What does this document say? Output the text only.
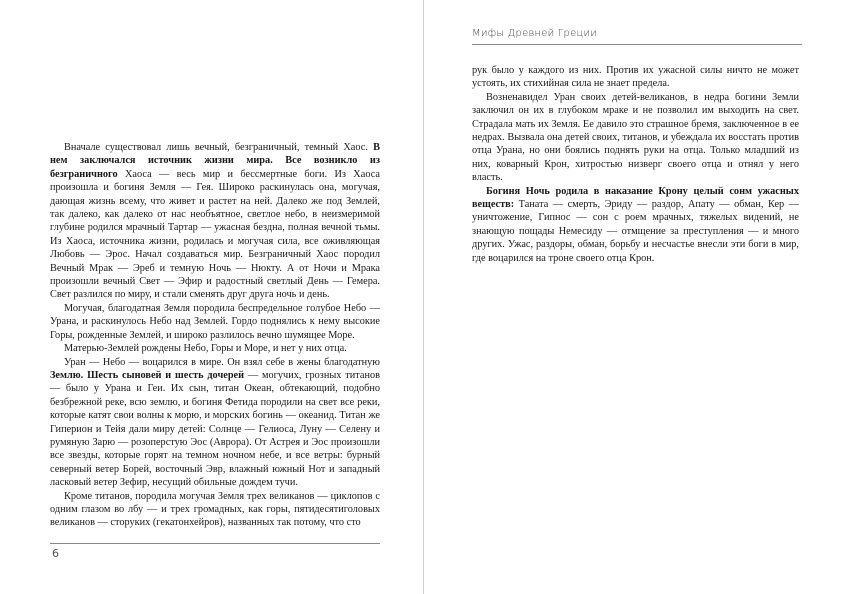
Вначале существовал лишь вечный, безграничный, темный Хаос. В нем заключался источник жизни мира. Все возникло из безграничного Хаоса — весь мир и бессмертные боги. Из Хаоса произошла и богиня Земля — Гея. Широко раскинулась она, могучая, дающая жизнь всему, что живет и растет на ней. Далеко же под Землей, так далеко, как далеко от нас необъятное, светлое небо, в неизмеримой глубине родился мрачный Тартар — ужасная бездна, полная вечной тьмы. Из Хаоса, источника жизни, родилась и могучая сила, все оживляющая Любовь — Эрос. Начал создаваться мир. Безграничный Хаос породил Вечный Мрак — Эреб и темную Ночь — Нюкту. А от Ночи и Мрака произошли вечный Свет — Эфир и радостный светлый День — Гемера. Свет разлился по миру, и стали сменять друг друга ночь и день.

Могучая, благодатная Земля породила беспредельное голубое Небо — Урана, и раскинулось Небо над Землей. Гордо поднялись к нему высокие Горы, рожденные Землей, и широко разлилось вечно шумящее Море.

Матерью-Землей рождены Небо, Горы и Море, и нет у них отца.

Уран — Небо — воцарился в мире. Он взял себе в жены благодатную Землю. Шесть сыновей и шесть дочерей — могучих, грозных титанов — было у Урана и Геи. Их сын, титан Океан, обтекающий, подобно безбрежной реке, всю землю, и богиня Фетида породили на свет все реки, которые катят свои волны к морю, и морских богинь — океанид. Титан же Гиперион и Тейя дали миру детей: Солнце — Гелиоса, Луну — Селену и румяную Зарю — розоперстую Эос (Аврора). От Астрея и Эос произошли все звезды, которые горят на темном ночном небе, и все ветры: бурный северный ветер Борей, восточный Эвр, влажный южный Нот и западный ласковый ветер Зефир, несущий обильные дождем тучи.

Кроме титанов, породила могучая Земля трех великанов — циклопов с одним глазом во лбу — и трех громадных, как горы, пятидесятиголовых великанов — сторуких (гекатонхейров), названных так потому, что сто

6
Мифы Древней Греции

рук было у каждого из них. Против их ужасной силы ничто не может устоять, их стихийная сила не знает предела.

Возненавидел Уран своих детей-великанов, в недра богини Земли заключил он их в глубоком мраке и не позволил им выходить на свет. Страдала мать их Земля. Ее давило это страшное бремя, заключенное в ее недрах. Вызвала она детей своих, титанов, и убеждала их восстать против отца Урана, но они боялись поднять руки на отца. Только младший из них, коварный Крон, хитростью низверг своего отца и отнял у него власть.

Богиня Ночь родила в наказание Крону целый сонм ужасных веществ: Таната — смерть, Эриду — раздор, Апату — обман, Кер — уничтожение, Гипнос — сон с роем мрачных, тяжелых видений, не знающую пощады Немесиду — отмщение за преступления — и много других. Ужас, раздоры, обман, борьбу и несчастье внесли эти боги в мир, где воцарился на троне своего отца Крон.
